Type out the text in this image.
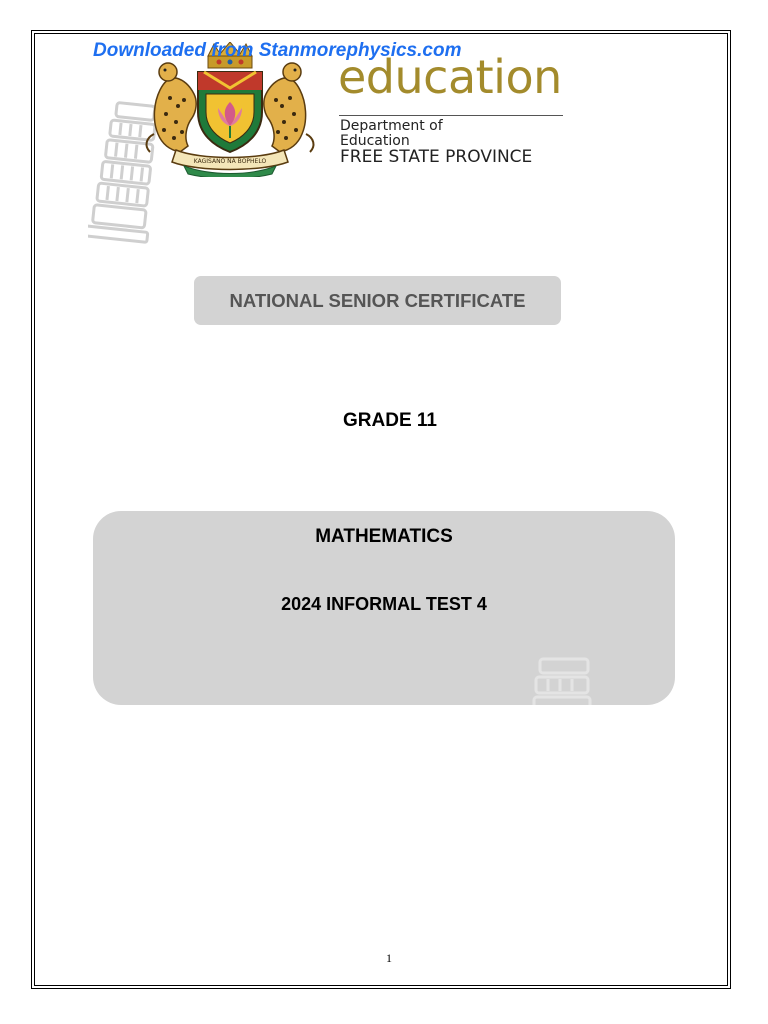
Downloaded from Stanmorephysics.com
KAGISANO NA BOPHELO
education
Department of
Education
FREE STATE PROVINCE
NATIONAL SENIOR CERTIFICATE
GRADE 11
MATHEMATICS
2024 INFORMAL TEST 4
1
